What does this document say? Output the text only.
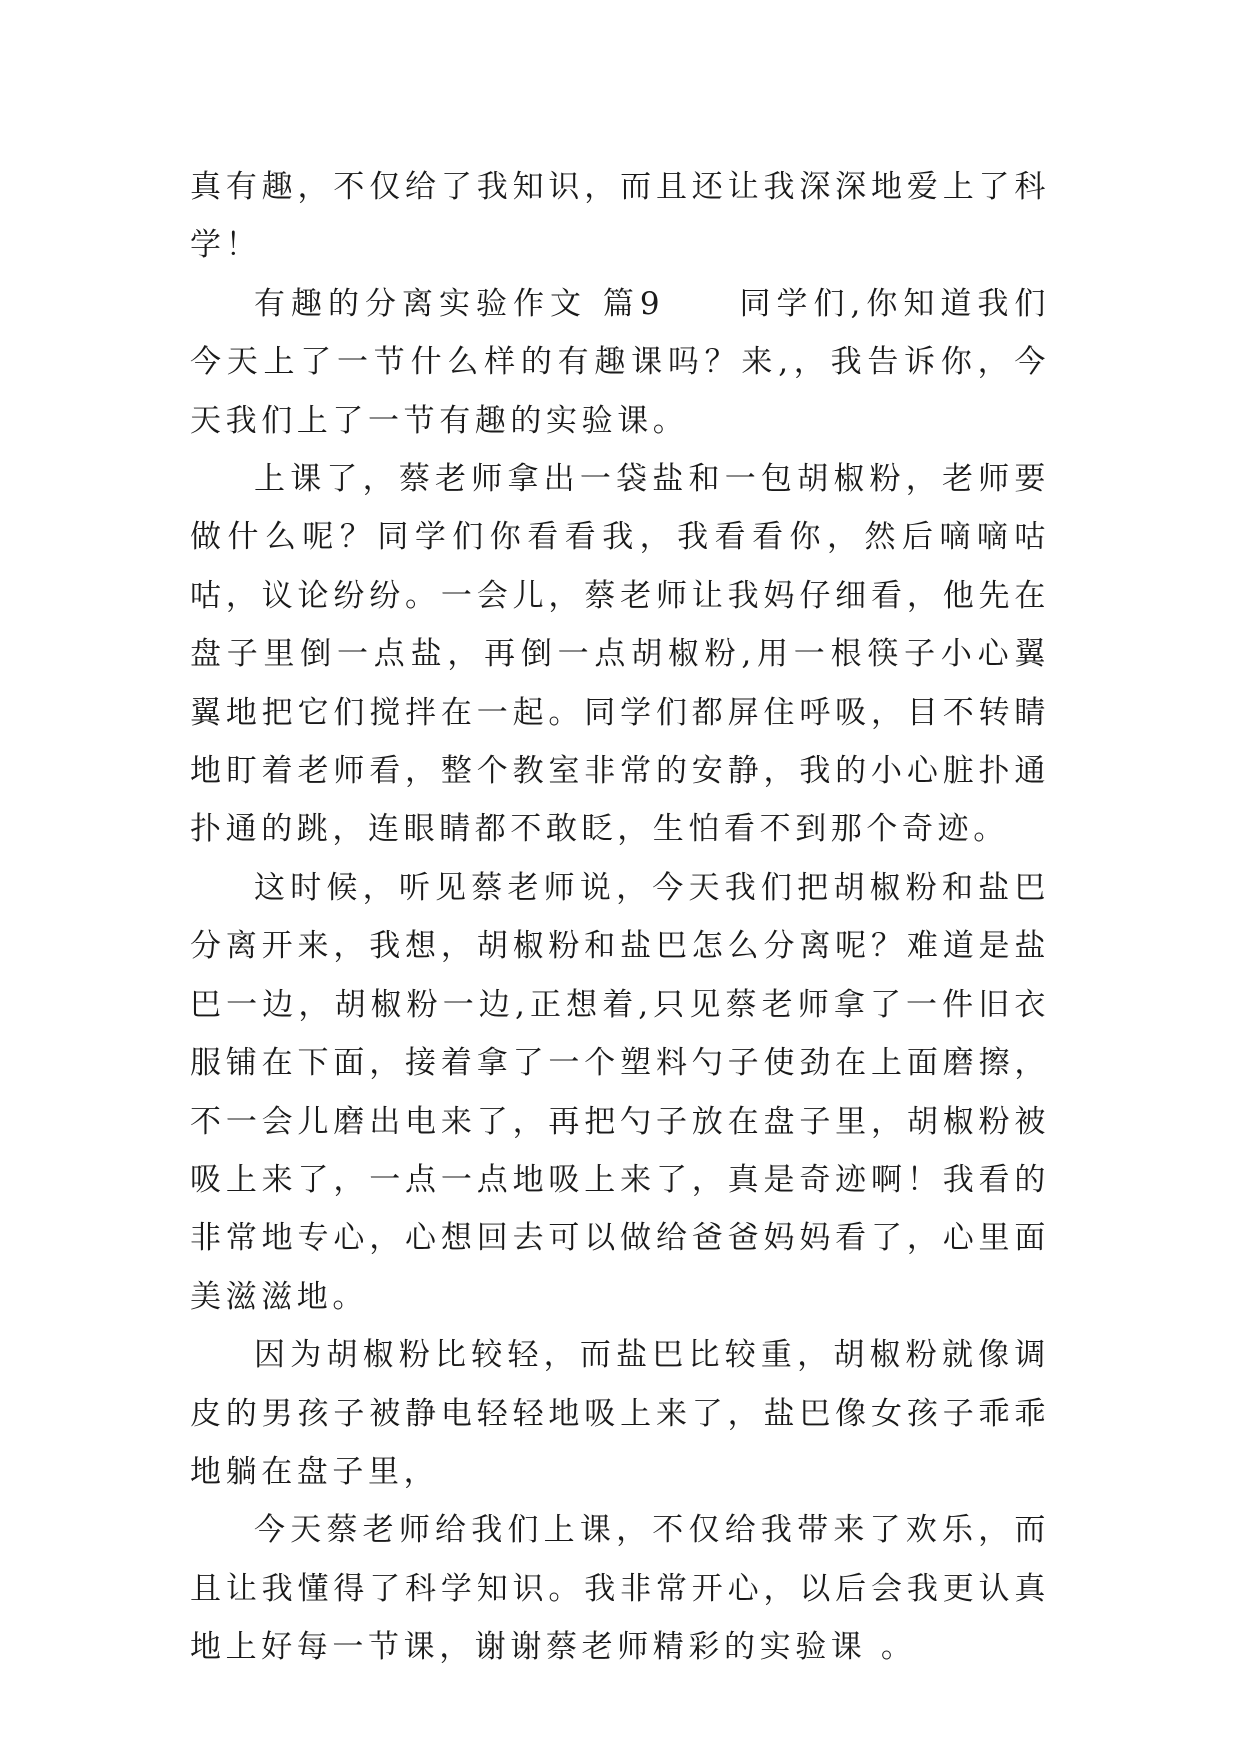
真有趣，不仅给了我知识，而且还让我深深地爱上了科学！

有趣的分离实验作文 篇9　　同学们,你知道我们今天上了一节什么样的有趣课吗？来,，我告诉你，今天我们上了一节有趣的实验课。

上课了，蔡老师拿出一袋盐和一包胡椒粉，老师要做什么呢？同学们你看看我，我看看你，然后嘀嘀咕咕，议论纷纷。一会儿，蔡老师让我妈仔细看，他先在盘子里倒一点盐，再倒一点胡椒粉,用一根筷子小心翼翼地把它们搅拌在一起。同学们都屏住呼吸，目不转睛地盯着老师看，整个教室非常的安静，我的小心脏扑通扑通的跳，连眼睛都不敢眨，生怕看不到那个奇迹。

这时候，听见蔡老师说，今天我们把胡椒粉和盐巴分离开来，我想，胡椒粉和盐巴怎么分离呢？难道是盐巴一边，胡椒粉一边,正想着,只见蔡老师拿了一件旧衣服铺在下面，接着拿了一个塑料勺子使劲在上面磨擦，不一会儿磨出电来了，再把勺子放在盘子里，胡椒粉被吸上来了，一点一点地吸上来了，真是奇迹啊！我看的非常地专心，心想回去可以做给爸爸妈妈看了，心里面美滋滋地。

因为胡椒粉比较轻，而盐巴比较重，胡椒粉就像调皮的男孩子被静电轻轻地吸上来了，盐巴像女孩子乖乖地躺在盘子里，

今天蔡老师给我们上课，不仅给我带来了欢乐，而且让我懂得了科学知识。我非常开心，以后会我更认真地上好每一节课，谢谢蔡老师精彩的实验课 。
